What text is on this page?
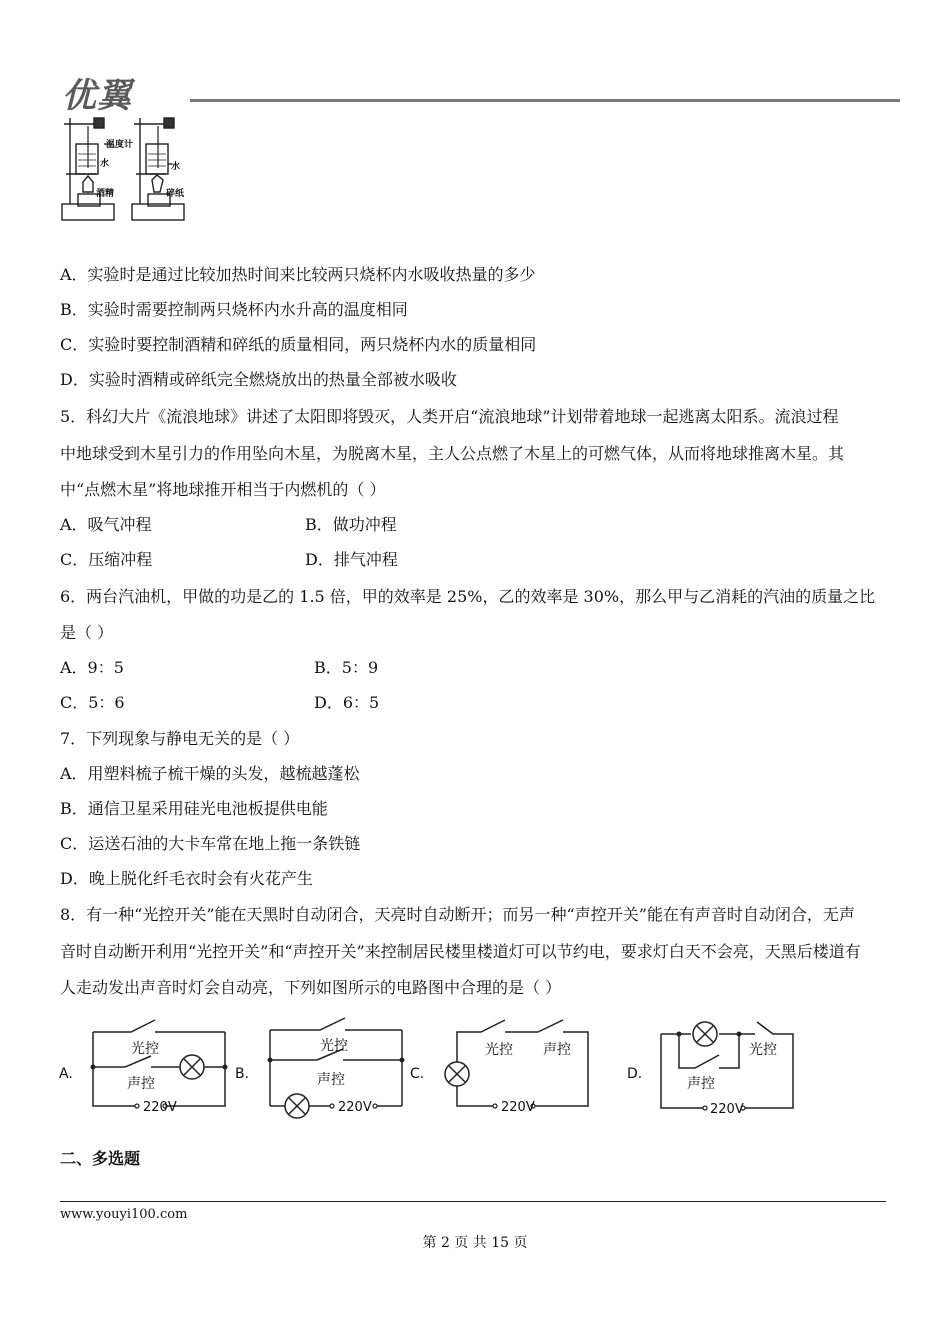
优翼
温度计
水
酒精
水
碎纸
A．实验时是通过比较加热时间来比较两只烧杯内水吸收热量的多少
B．实验时需要控制两只烧杯内水升高的温度相同
C．实验时要控制酒精和碎纸的质量相同，两只烧杯内水的质量相同
D．实验时酒精或碎纸完全燃烧放出的热量全部被水吸收
5．科幻大片《流浪地球》讲述了太阳即将毁灭，人类开启“流浪地球”计划带着地球一起逃离太阳系。流浪过程
中地球受到木星引力的作用坠向木星，为脱离木星，主人公点燃了木星上的可燃气体，从而将地球推离木星。其
中“点燃木星”将地球推开相当于内燃机的（ ）
A．吸气冲程	B．做功冲程
C．压缩冲程	D．排气冲程
6．两台汽油机，甲做的功是乙的 1.5 倍，甲的效率是 25%，乙的效率是 30%，那么甲与乙消耗的汽油的质量之比
是（ ）
A．9：5	B．5：9
C．5：6	D．6：5
7．下列现象与静电无关的是（ ）
A．用塑料梳子梳干燥的头发，越梳越蓬松
B．通信卫星采用硅光电池板提供电能
C．运送石油的大卡车常在地上拖一条铁链
D．晚上脱化纤毛衣时会有火花产生
8．有一种“光控开关”能在天黑时自动闭合，天亮时自动断开；而另一种“声控开关”能在有声音时自动闭合，无声
音时自动断开利用“光控开关”和“声控开关”来控制居民楼里楼道灯可以节约电，要求灯白天不会亮，天黑后楼道有
人走动发出声音时灯会自动亮，下列如图所示的电路图中合理的是（ ）
A.	B.	C.	D.
光控
声控
220V
光控
声控
220V
光控 声控
220V
光控
声控
220V
二、多选题
www.youyi100.com
第 2 页 共 15 页
